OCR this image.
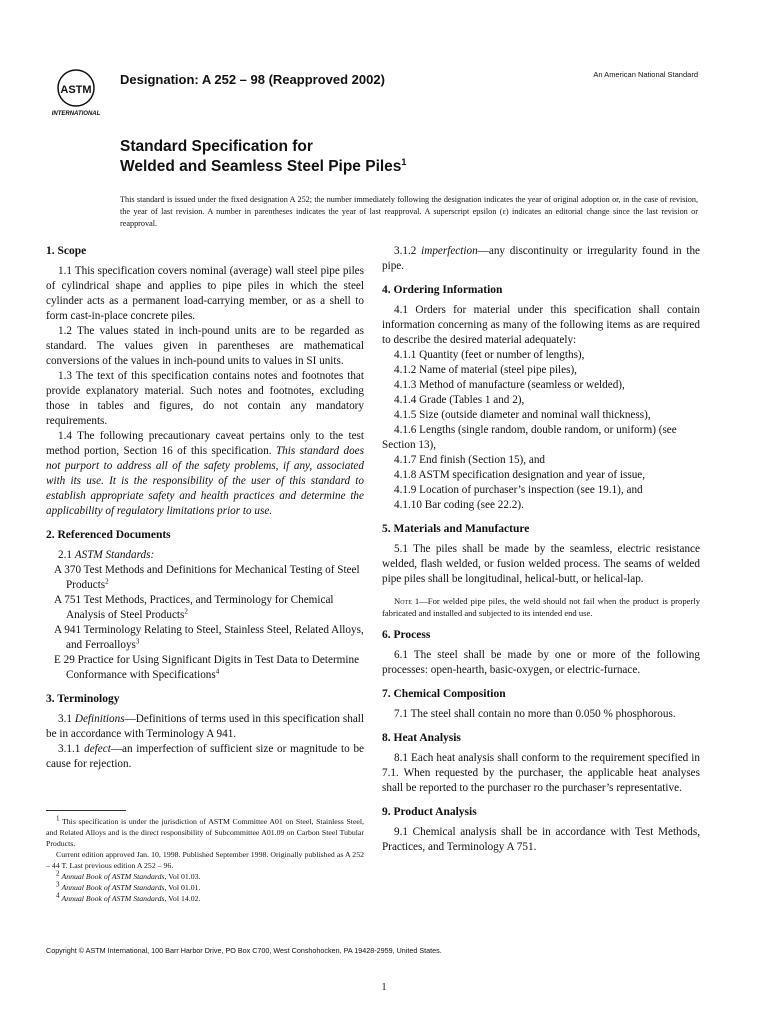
ASTM
INTERNATIONAL
Designation: A 252 – 98 (Reapproved 2002)	An American National Standard
Standard Specification for
Welded and Seamless Steel Pipe Piles$^1$
This standard is issued under the fixed designation A 252; the number immediately following the designation indicates the year of original adoption or, in the case of revision, the year of last revision. A number in parentheses indicates the year of last reapproval. A superscript epsilon (ε) indicates an editorial change since the last revision or reapproval.

1. Scope

1.1 This specification covers nominal (average) wall steel pipe piles of cylindrical shape and applies to pipe piles in which the steel cylinder acts as a permanent load-carrying member, or as a shell to form cast-in-place concrete piles.

1.2 The values stated in inch-pound units are to be regarded as standard. The values given in parentheses are mathematical conversions of the values in inch-pound units to values in SI units.

1.3 The text of this specification contains notes and footnotes that provide explanatory material. Such notes and footnotes, excluding those in tables and figures, do not contain any mandatory requirements.

1.4 The following precautionary caveat pertains only to the test method portion, Section 16 of this specification. This standard does not purport to address all of the safety problems, if any, associated with its use. It is the responsibility of the user of this standard to establish appropriate safety and health practices and determine the applicability of regulatory limitations prior to use.

2. Referenced Documents

2.1 ASTM Standards:

A 370 Test Methods and Definitions for Mechanical Testing of Steel Products$^2$

A 751 Test Methods, Practices, and Terminology for Chemical Analysis of Steel Products$^2$

A 941 Terminology Relating to Steel, Stainless Steel, Related Alloys, and Ferroalloys$^3$

E 29 Practice for Using Significant Digits in Test Data to Determine Conformance with Specifications$^4$

3. Terminology

3.1 Definitions—Definitions of terms used in this specification shall be in accordance with Terminology A 941.

3.1.1 defect—an imperfection of sufficient size or magnitude to be cause for rejection.

$^1$ This specification is under the jurisdiction of ASTM Committee A01 on Steel, Stainless Steel, and Related Alloys and is the direct responsibility of Subcommittee A01.09 on Carbon Steel Tubular Products.

Current edition approved Jan. 10, 1998. Published September 1998. Originally published as A 252 – 44 T. Last previous edition A 252 – 96.

$^2$ Annual Book of ASTM Standards, Vol 01.03.

$^3$ Annual Book of ASTM Standards, Vol 01.01.

$^4$ Annual Book of ASTM Standards, Vol 14.02.

3.1.2 imperfection—any discontinuity or irregularity found in the pipe.

4. Ordering Information

4.1 Orders for material under this specification shall contain information concerning as many of the following items as are required to describe the desired material adequately:

4.1.1 Quantity (feet or number of lengths),

4.1.2 Name of material (steel pipe piles),

4.1.3 Method of manufacture (seamless or welded),

4.1.4 Grade (Tables 1 and 2),

4.1.5 Size (outside diameter and nominal wall thickness),

4.1.6 Lengths (single random, double random, or uniform) (see Section 13),

4.1.7 End finish (Section 15), and

4.1.8 ASTM specification designation and year of issue,

4.1.9 Location of purchaser’s inspection (see 19.1), and

4.1.10 Bar coding (see 22.2).

5. Materials and Manufacture

5.1 The piles shall be made by the seamless, electric resistance welded, flash welded, or fusion welded process. The seams of welded pipe piles shall be longitudinal, helical-butt, or helical-lap.

Note 1—For welded pipe piles, the weld should not fail when the product is properly fabricated and installed and subjected to its intended end use.

6. Process

6.1 The steel shall be made by one or more of the following processes: open-hearth, basic-oxygen, or electric-furnace.

7. Chemical Composition

7.1 The steel shall contain no more than 0.050 % phosphorous.

8. Heat Analysis

8.1 Each heat analysis shall conform to the requirement specified in 7.1. When requested by the purchaser, the applicable heat analyses shall be reported to the purchaser ro the purchaser’s representative.

9. Product Analysis

9.1 Chemical analysis shall be in accordance with Test Methods, Practices, and Terminology A 751.

Copyright © ASTM International, 100 Barr Harbor Drive, PO Box C700, West Conshohocken, PA 19428-2959, United States.
1
